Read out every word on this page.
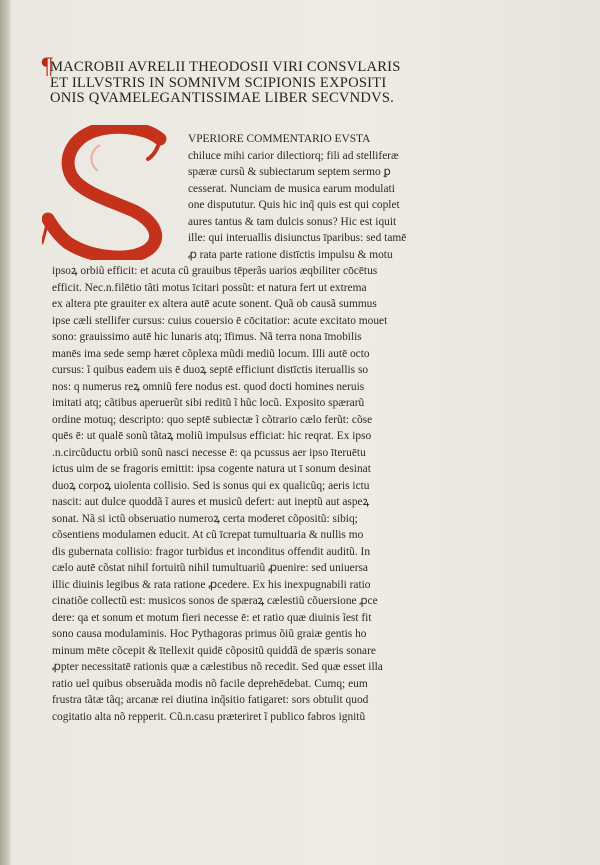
¶
MACROBII AVRELII THEODOSII VIRI CONSVLARIS
ET ILLVSTRIS IN SOMNIVM SCIPIONIS EXPOSITI
ONIS QVAMELEGANTISSIMAE LIBER SECVNDVS.
VPERIORE COMMENTARIO EVSTA
chiluce mihi carior dilectiorq; fili ad stelliferæ
spæræ cursũ & subiectarum septem sermo ꝑ
cesserat. Nunciam de musica earum modulati
one dispututur. Quis hic inq̃ quis est qui coplet
aures tantus & tam dulcis sonus? Hic est iquit
ille: qui interuallis disiunctus īparibus: sed tamē
ꝓ rata parte ratione distīctis impulsu & motu
ipsoꝝ orbiũ efficit: et acuta cũ grauibus tēperãs uarios æqbiliter cōcētus
efficit. Nec.n.filētio tãti motus īcitari possũt: et natura fert ut extrema
ex altera pte grauiter ex altera autē acute sonent. Quã ob causã summus
ipse cæli stellifer cursus: cuius couersio ē cōcitatior: acute excitato mouet
sono: grauissimo autē hic lunaris atq; īfimus. Nã terra nona īmobilis
manēs ima sede semp hæret cõplexa mũdi mediũ locum. Illi autē octo
cursus: ĩ quibus eadem uis ē duoꝝ septē efficiunt distīctis iteruallis so
nos: q numerus reꝝ omniũ fere nodus est. quod docti homines neruis
imitati atq; cãtibus aperuerũt sibi reditũ ĩ hũc locũ. Exposito spærarũ
ordine motuq; descripto: quo septē subiectæ ĩ cõtrario cælo ferũt: cõse
quēs ē: ut qualē sonũ tãtaꝝ moliũ impulsus efficiat: hic reqrat. Ex ipso
.n.circũductu orbiũ sonũ nasci necesse ē: qa pcussus aer ipso īteruētu
ictus uim de se fragoris emittit: ipsa cogente natura ut ī sonum desinat
duoꝝ corpoꝝ uiolenta collisio. Sed is sonus qui ex qualicũq; aeris ictu
nascit: aut dulce quoddã ĩ aures et musicũ defert: aut ineptũ aut aspeꝝ
sonat. Nã si ictũ obseruatio numeroꝝ certa moderet cõpositũ: sibiq;
cõsentiens modulamen educit. At cũ īcrepat tumultuaria & nullis mo
dis gubernata collisio: fragor turbidus et inconditus offendit auditũ. In
cælo autē cõstat nihil fortuitũ nihil tumultuariũ ꝓuenire: sed uniuersa
illic diuinis legibus & rata ratione ꝓcedere. Ex his inexpugnabili ratio
cinatiõe collectũ est: musicos sonos de spæraꝝ cælestiũ cõuersione ꝓce
dere: qa et sonum et motum fieri necesse ē: et ratio quæ diuinis ĩest fit
sono causa modulaminis. Hoc Pythagoras primus õiũ graiæ gentis ho
minum mēte cõcepit & ītellexit quidē cõpositũ quiddã de spæris sonare
ꝓpter necessitatē rationis quæ a cælestibus nõ recedit. Sed quæ esset illa
ratio uel quibus obseruãda modis nõ facile deprehēdebat. Cumq; eum
frustra tãtæ tãq; arcanæ rei diutina inq̃sitio fatigaret: sors obtulit quod
cogitatio alta nõ repperit. Cũ.n.casu præteriret ĩ publico fabros ignitũ
